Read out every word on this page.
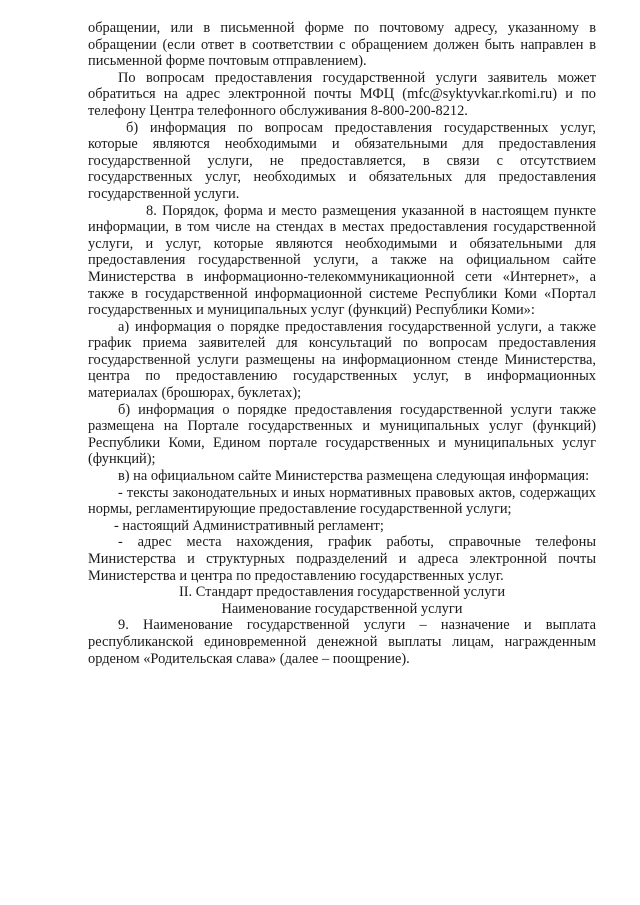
обращении, или в письменной форме по почтовому адресу, указанному в обращении (если ответ в соответствии с обращением должен быть направлен в письменной форме почтовым отправлением).

По вопросам предоставления государственной услуги заявитель может обратиться на адрес электронной почты МФЦ (mfc@syktyvkar.rkomi.ru) и по телефону Центра телефонного обслуживания 8-800-200-8212.

б) информация по вопросам предоставления государственных услуг, которые являются необходимыми и обязательными для предоставления государственной услуги, не предоставляется, в связи с отсутствием государственных услуг, необходимых и обязательных для предоставления государственной услуги.

8. Порядок, форма и место размещения указанной в настоящем пункте информации, в том числе на стендах в местах предоставления государственной услуги, и услуг, которые являются необходимыми и обязательными для предоставления государственной услуги, а также на официальном сайте Министерства в информационно-телекоммуникационной сети «Интернет», а также в государственной информационной системе Республики Коми «Портал государственных и муниципальных услуг (функций) Республики Коми»:

а) информация о порядке предоставления государственной услуги, а также график приема заявителей для консультаций по вопросам предоставления государственной услуги размещены на информационном стенде Министерства, центра по предоставлению государственных услуг, в информационных материалах (брошюрах, буклетах);

б) информация о порядке предоставления государственной услуги также размещена на Портале государственных и муниципальных услуг (функций) Республики Коми, Едином портале государственных и муниципальных услуг (функций);

в) на официальном сайте Министерства размещена следующая информация:

- тексты законодательных и иных нормативных правовых актов, содержащих нормы, регламентирующие предоставление государственной услуги;

- настоящий Административный регламент;

- адрес места нахождения, график работы, справочные телефоны Министерства и структурных подразделений и адреса электронной почты Министерства и центра по предоставлению государственных услуг.

II. Стандарт предоставления государственной услуги

Наименование государственной услуги

9. Наименование государственной услуги – назначение и выплата республиканской единовременной денежной выплаты лицам, награжденным орденом «Родительская слава» (далее – поощрение).
